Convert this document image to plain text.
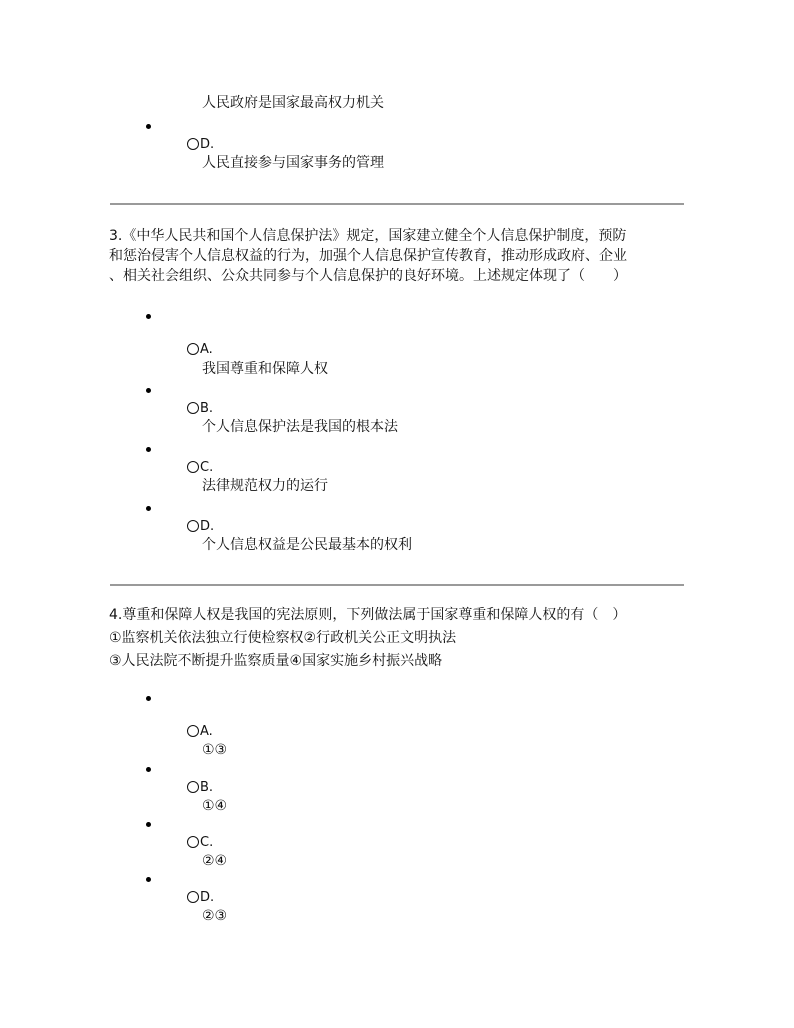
人民政府是国家最高权力机关
D.
人民直接参与国家事务的管理
3.《中华人民共和国个人信息保护法》规定，国家建立健全个人信息保护制度，预防
和惩治侵害个人信息权益的行为，加强个人信息保护宣传教育，推动形成政府、企业
、相关社会组织、公众共同参与个人信息保护的良好环境。上述规定体现了（　　）
A.
我国尊重和保障人权
B.
个人信息保护法是我国的根本法
C.
法律规范权力的运行
D.
个人信息权益是公民最基本的权利
4.尊重和保障人权是我国的宪法原则，下列做法属于国家尊重和保障人权的有（　）
①监察机关依法独立行使检察权②行政机关公正文明执法
③人民法院不断提升监察质量④国家实施乡村振兴战略
A.
①③
B.
①④
C.
②④
D.
②③
